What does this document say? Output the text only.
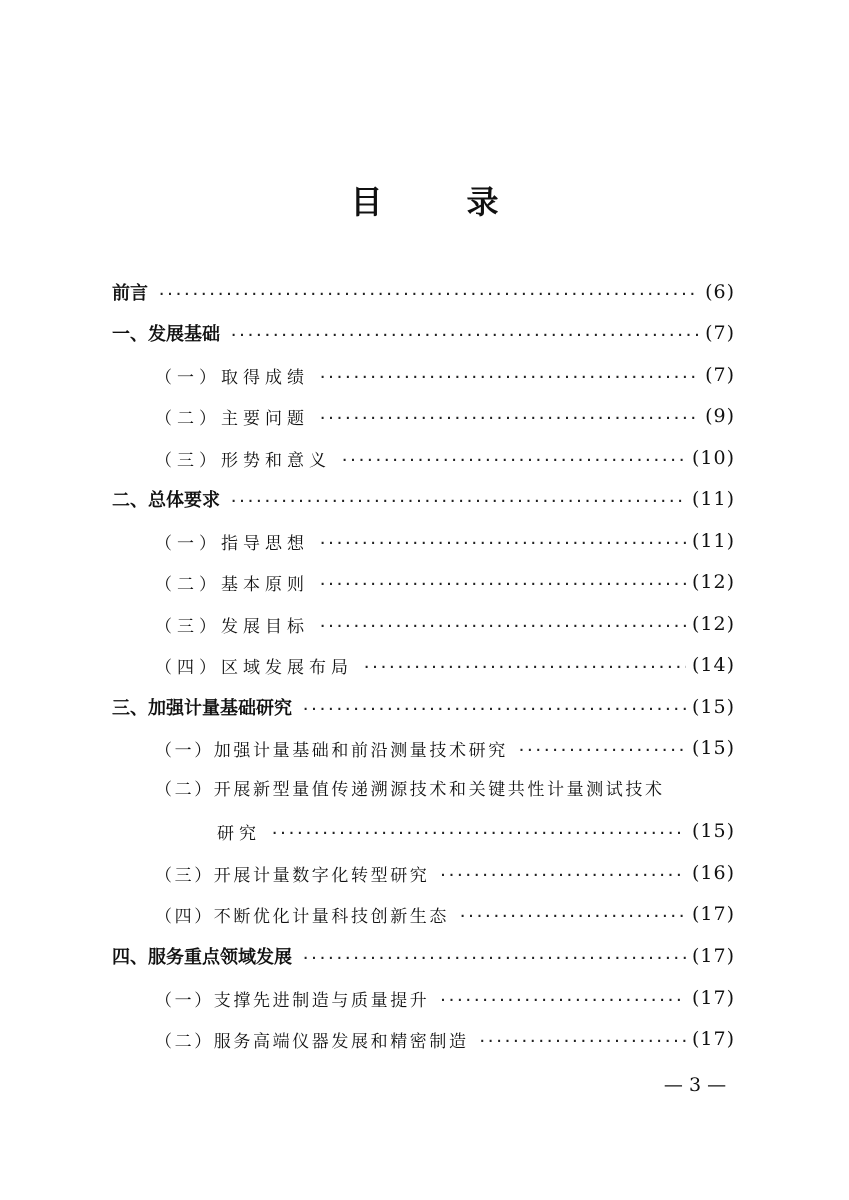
目　录
前言 ·····	(6)
一、发展基础 ·····	(7)
（一）取得成绩 ·····	(7)
（二）主要问题 ·····	(9)
（三）形势和意义 ·····	(10)
二、总体要求 ·····	(11)
（一）指导思想 ·····	(11)
（二）基本原则 ·····	(12)
（三）发展目标 ·····	(12)
（四）区域发展布局 ·····	(14)
三、加强计量基础研究 ·····	(15)
（一）加强计量基础和前沿测量技术研究 ·····	(15)
（二）开展新型量值传递溯源技术和关键共性计量测试技术
研究 ·····	(15)
（三）开展计量数字化转型研究 ·····	(16)
（四）不断优化计量科技创新生态 ·····	(17)
四、服务重点领域发展 ·····	(17)
（一）支撑先进制造与质量提升 ·····	(17)
（二）服务高端仪器发展和精密制造 ·····	(17)
— 3 —
